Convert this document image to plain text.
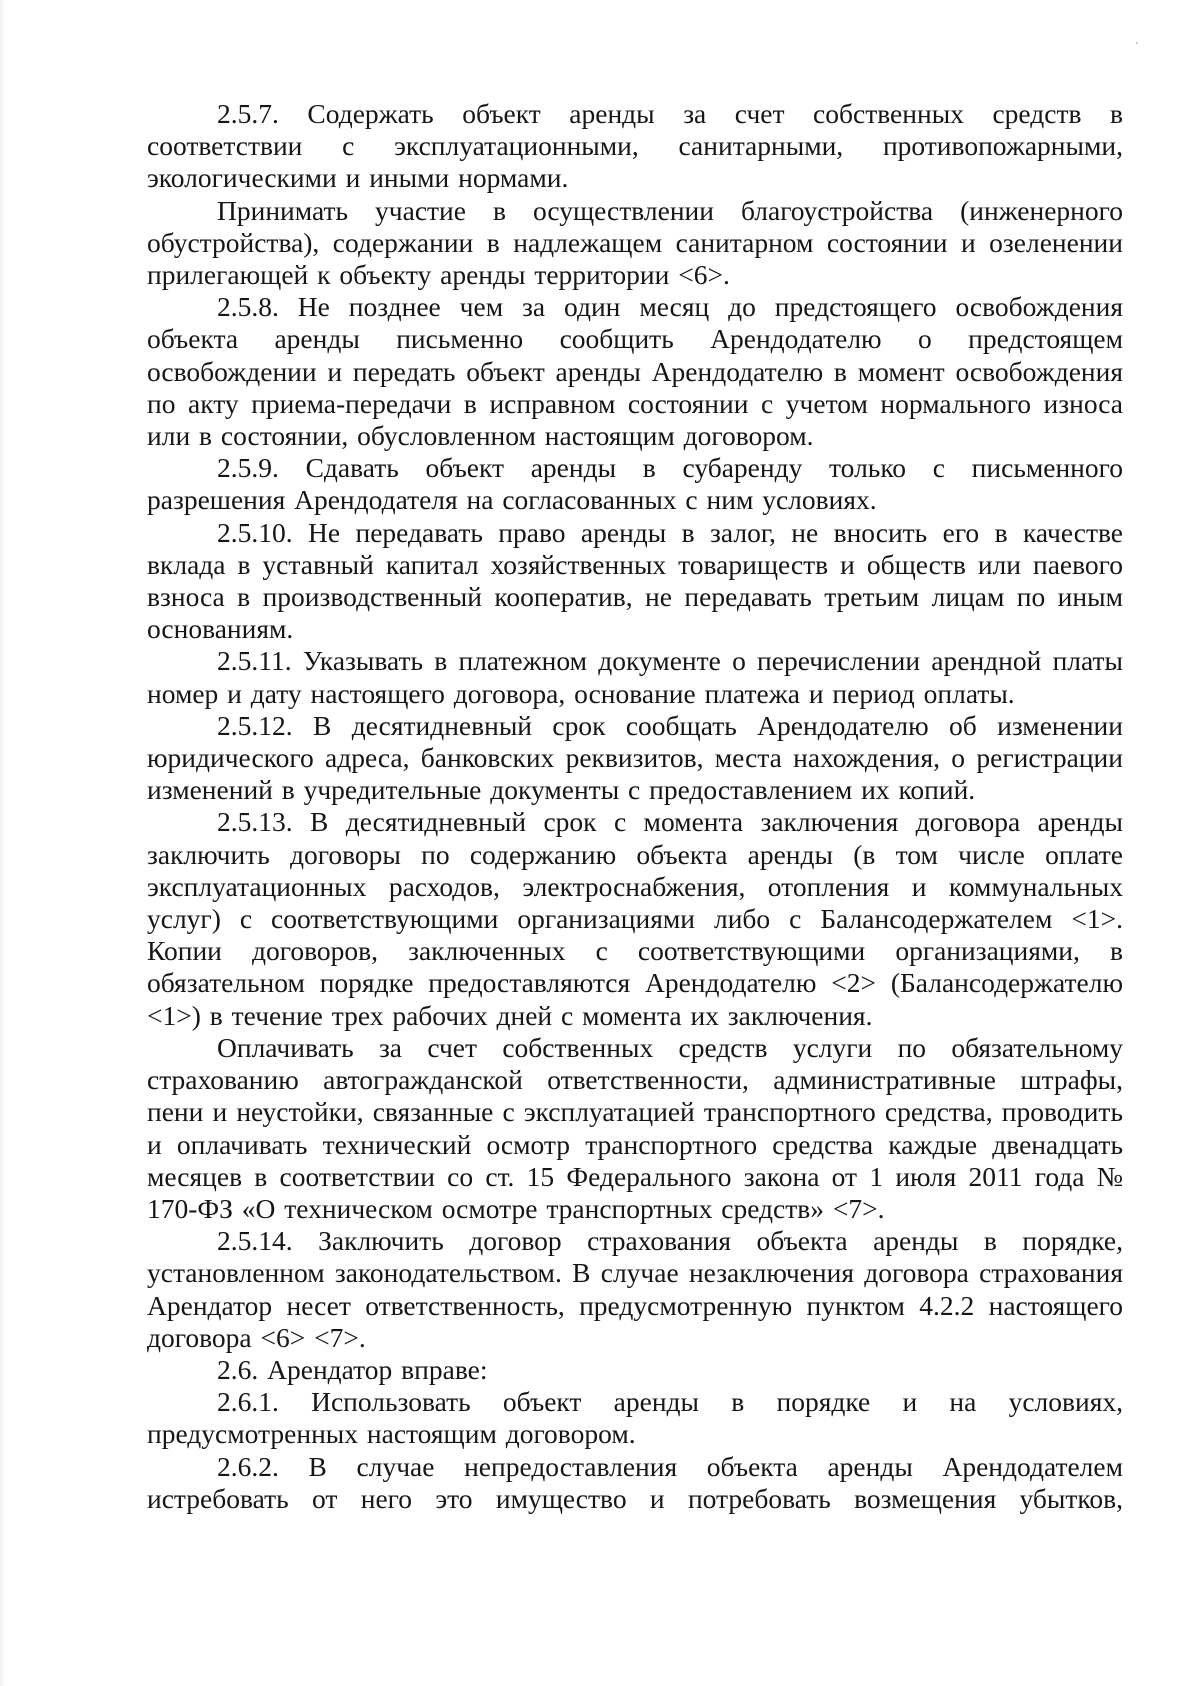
2.5.7. Содержать объект аренды за счет собственных средств в соответствии с эксплуатационными, санитарными, противопожарными, экологическими и иными нормами.

Принимать участие в осуществлении благоустройства (инженерного обустройства), содержании в надлежащем санитарном состоянии и озеленении прилегающей к объекту аренды территории <6>.

2.5.8. Не позднее чем за один месяц до предстоящего освобождения объекта аренды письменно сообщить Арендодателю о предстоящем освобождении и передать объект аренды Арендодателю в момент освобождения по акту приема-передачи в исправном состоянии с учетом нормального износа или в состоянии, обусловленном настоящим договором.

2.5.9. Сдавать объект аренды в субаренду только с письменного разрешения Арендодателя на согласованных с ним условиях.

2.5.10. Не передавать право аренды в залог, не вносить его в качестве вклада в уставный капитал хозяйственных товариществ и обществ или паевого взноса в производственный кооператив, не передавать третьим лицам по иным основаниям.

2.5.11. Указывать в платежном документе о перечислении арендной платы номер и дату настоящего договора, основание платежа и период оплаты.

2.5.12. В десятидневный срок сообщать Арендодателю об изменении юридического адреса, банковских реквизитов, места нахождения, о регистрации изменений в учредительные документы с предоставлением их копий.

2.5.13. В десятидневный срок с момента заключения договора аренды заключить договоры по содержанию объекта аренды (в том числе оплате эксплуатационных расходов, электроснабжения, отопления и коммунальных услуг) с соответствующими организациями либо с Балансодержателем <1>. Копии договоров, заключенных с соответствующими организациями, в обязательном порядке предоставляются Арендодателю <2> (Балансодержателю <1>) в течение трех рабочих дней с момента их заключения.

Оплачивать за счет собственных средств услуги по обязательному страхованию автогражданской ответственности, административные штрафы, пени и неустойки, связанные с эксплуатацией транспортного средства, проводить и оплачивать технический осмотр транспортного средства каждые двенадцать месяцев в соответствии со ст. 15 Федерального закона от 1 июля 2011 года № 170-ФЗ «О техническом осмотре транспортных средств» <7>.

2.5.14. Заключить договор страхования объекта аренды в порядке, установленном законодательством. В случае незаключения договора страхования Арендатор несет ответственность, предусмотренную пунктом 4.2.2 настоящего договора <6> <7>.

2.6. Арендатор вправе:

2.6.1. Использовать объект аренды в порядке и на условиях, предусмотренных настоящим договором.

2.6.2. В случае непредоставления объекта аренды Арендодателем истребовать от него это имущество и потребовать возмещения убытков,
